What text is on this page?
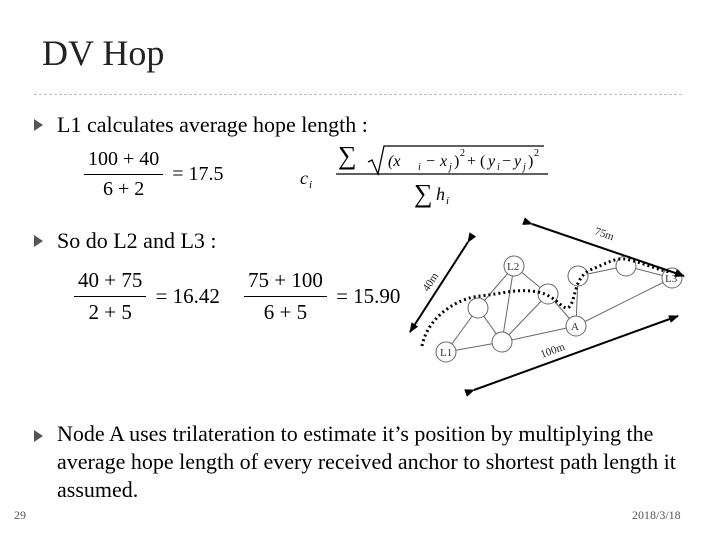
DV Hop
L1 calculates average hope length :
$\frac{100 + 40}{6 + 2} = 17.5$	c i
∑ (x i − x j ) 2 + ( y i − y j ) 2
∑ h i
So do L2 and L3 :
$\frac{40 + 75}{2 + 5} = 16.42 \frac{75 + 100}{6 + 5} = 15.90$
L1
L2
L3
A
75m
40m
100m
Node A uses trilateration to estimate it’s position by multiplying the average hope length of every received anchor to shortest path length it assumed.
29	2018/3/18
